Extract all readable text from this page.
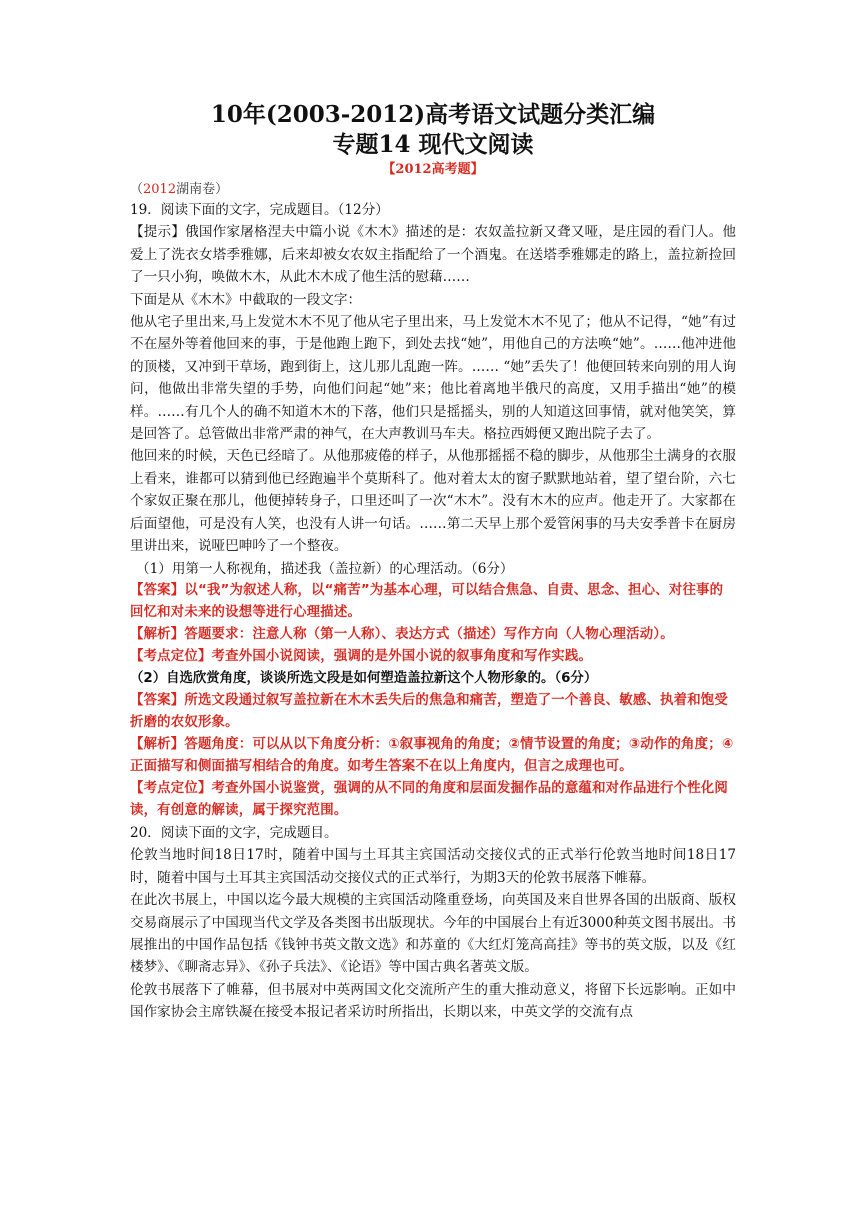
10年(2003-2012)高考语文试题分类汇编
专题14 现代文阅读
【2012高考题】
（2012湖南卷）

19．阅读下面的文字，完成题目。（12分）

【提示】俄国作家屠格涅夫中篇小说《木木》描述的是：农奴盖拉新又聋又哑，是庄园的看门人。他爱上了洗衣女塔季雅娜，后来却被女农奴主指配给了一个酒鬼。在送塔季雅娜走的路上，盖拉新捡回了一只小狗，唤做木木，从此木木成了他生活的慰藉……

下面是从《木木》中截取的一段文字：

他从宅子里出来,马上发觉木木不见了他从宅子里出来，马上发觉木木不见了；他从不记得，“她”有过不在屋外等着他回来的事，于是他跑上跑下，到处去找“她”，用他自己的方法唤“她”。……他冲进他的顶楼，又冲到干草场，跑到街上，这儿那儿乱跑一阵。…… “她”丢失了！他便回转来向别的用人询问，他做出非常失望的手势，向他们问起“她”来；他比着离地半俄尺的高度，又用手描出“她”的模样。……有几个人的确不知道木木的下落，他们只是摇摇头，别的人知道这回事情，就对他笑笑，算是回答了。总管做出非常严肃的神气，在大声教训马车夫。格拉西姆便又跑出院子去了。

他回来的时候，天色已经暗了。从他那疲倦的样子，从他那摇摇不稳的脚步，从他那尘土满身的衣服上看来，谁都可以猜到他已经跑遍半个莫斯科了。他对着太太的窗子默默地站着，望了望台阶，六七个家奴正聚在那儿，他便掉转身子，口里还叫了一次“木木”。没有木木的应声。他走开了。大家都在后面望他，可是没有人笑，也没有人讲一句话。……第二天早上那个爱管闲事的马夫安季普卡在厨房里讲出来，说哑巴呻吟了一个整夜。

（1）用第一人称视角，描述我（盖拉新）的心理活动。（6分）

【答案】以“我”为叙述人称，以“痛苦”为基本心理，可以结合焦急、自责、思念、担心、对往事的回忆和对未来的设想等进行心理描述。

【解析】答题要求：注意人称（第一人称）、表达方式（描述）写作方向（人物心理活动）。

【考点定位】考查外国小说阅读，强调的是外国小说的叙事角度和写作实践。

（2）自选欣赏角度，谈谈所选文段是如何塑造盖拉新这个人物形象的。（6分）

【答案】所选文段通过叙写盖拉新在木木丢失后的焦急和痛苦，塑造了一个善良、敏感、执着和饱受折磨的农奴形象。

【解析】答题角度：可以从以下角度分析：①叙事视角的角度；②情节设置的角度；③动作的角度；④正面描写和侧面描写相结合的角度。如考生答案不在以上角度内，但言之成理也可。

【考点定位】考查外国小说鉴赏，强调的从不同的角度和层面发掘作品的意蕴和对作品进行个性化阅读，有创意的解读，属于探究范围。

20．阅读下面的文字，完成题目。

伦敦当地时间18日17时，随着中国与土耳其主宾国活动交接仪式的正式举行伦敦当地时间18日17时，随着中国与土耳其主宾国活动交接仪式的正式举行，为期3天的伦敦书展落下帷幕。

在此次书展上，中国以迄今最大规模的主宾国活动隆重登场，向英国及来自世界各国的出版商、版权交易商展示了中国现当代文学及各类图书出版现状。今年的中国展台上有近3000种英文图书展出。书展推出的中国作品包括《钱钟书英文散文选》和苏童的《大红灯笼高高挂》等书的英文版，以及《红楼梦》、《聊斋志异》、《孙子兵法》、《论语》等中国古典名著英文版。

伦敦书展落下了帷幕，但书展对中英两国文化交流所产生的重大推动意义，将留下长远影响。正如中国作家协会主席铁凝在接受本报记者采访时所指出，长期以来，中英文学的交流有点
